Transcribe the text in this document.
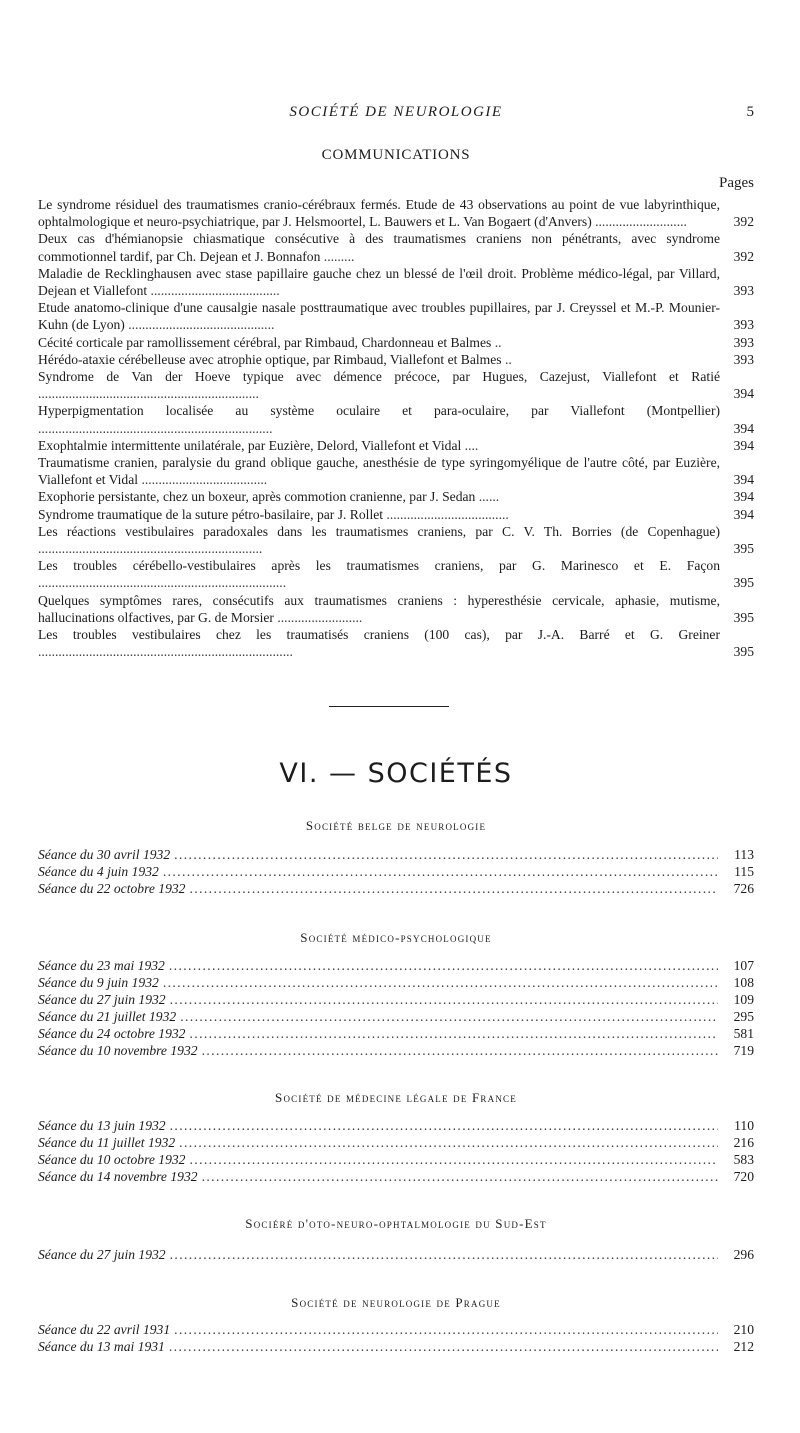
SOCIÉTÉ DE NEUROLOGIE	5
COMMUNICATIONS
Pages
Le syndrome résiduel des traumatismes cranio-cérébraux fermés. Etude de 43 observations au point de vue labyrinthique, ophtalmologique et neuro-psychiatrique, par J. Helsmoortel, L. Bauwers et L. Van Bogaert (d'Anvers) ...........................	392
Deux cas d'hémianopsie chiasmatique consécutive à des traumatismes craniens non pénétrants, avec syndrome commotionnel tardif, par Ch. Dejean et J. Bonnafon .........	392
Maladie de Recklinghausen avec stase papillaire gauche chez un blessé de l'œil droit. Problème médico-légal, par Villard, Dejean et Viallefont ......................................	393
Etude anatomo-clinique d'une causalgie nasale posttraumatique avec troubles pupillaires, par J. Creyssel et M.-P. Mounier-Kuhn (de Lyon) ...........................................	393
Cécité corticale par ramollissement cérébral, par Rimbaud, Chardonneau et Balmes ..	393
Hérédo-ataxie cérébelleuse avec atrophie optique, par Rimbaud, Viallefont et Balmes ..	393
Syndrome de Van der Hoeve typique avec démence précoce, par Hugues, Cazejust, Viallefont et Ratié .................................................................	394
Hyperpigmentation localisée au système oculaire et para-oculaire, par Viallefont (Montpellier) .....................................................................	394
Exophtalmie intermittente unilatérale, par Euzière, Delord, Viallefont et Vidal ....	394
Traumatisme cranien, paralysie du grand oblique gauche, anesthésie de type syringomyélique de l'autre côté, par Euzière, Viallefont et Vidal .....................................	394
Exophorie persistante, chez un boxeur, après commotion cranienne, par J. Sedan ......	394
Syndrome traumatique de la suture pétro-basilaire, par J. Rollet ....................................	394
Les réactions vestibulaires paradoxales dans les traumatismes craniens, par C. V. Th. Borries (de Copenhague) ..................................................................	395
Les troubles cérébello-vestibulaires après les traumatismes craniens, par G. Marinesco et E. Façon .........................................................................	395
Quelques symptômes rares, consécutifs aux traumatismes craniens : hyperesthésie cervicale, aphasie, mutisme, hallucinations olfactives, par G. de Morsier .........................	395
Les troubles vestibulaires chez les traumatisés craniens (100 cas), par J.-A. Barré et G. Greiner ...........................................................................	395
VI. — SOCIÉTÉS
Société belge de neurologie
Séance du 30 avril 1932 . . .	113
Séance du 4 juin 1932 . . .	115
Séance du 22 octobre 1932 . . .	726
Société médico-psychologique
Séance du 23 mai 1932 . . .	107
Séance du 9 juin 1932 . . .	108
Séance du 27 juin 1932 . . .	109
Séance du 21 juillet 1932 . . .	295
Séance du 24 octobre 1932 . . .	581
Séance du 10 novembre 1932 . . .	719
Société de médecine légale de France
Séance du 13 juin 1932 . . .	110
Séance du 11 juillet 1932 . . .	216
Séance du 10 octobre 1932 . . .	583
Séance du 14 novembre 1932 . . .	720
Sociéré d'oto-neuro-ophtalmologie du Sud-Est
Séance du 27 juin 1932 . . .	296
Société de neurologie de Prague
Séance du 22 avril 1931 . . .	210
Séance du 13 mai 1931 . . .	212
